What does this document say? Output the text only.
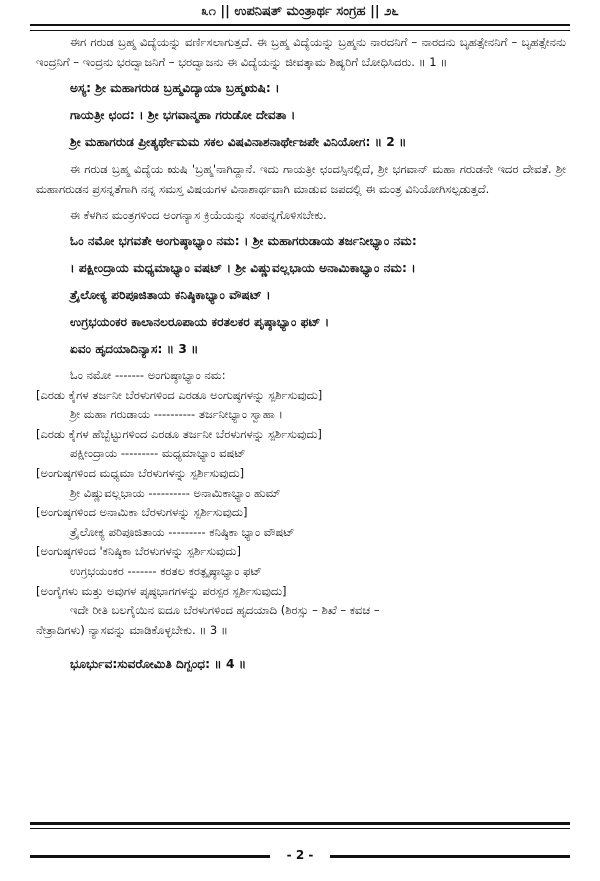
೩೧ || ಉಪನಿಷತ್ ಮಂತ್ರಾರ್ಥ ಸಂಗ್ರಹ || ೨೬

ಈಗ ಗರುಡ ಬ್ರಹ್ಮ ವಿದ್ಯೆಯನ್ನು ವರ್ಣಿಸಲಾಗುತ್ತದೆ. ಈ ಬ್ರಹ್ಮ ವಿದ್ಯೆಯನ್ನು ಬ್ರಹ್ಮನು ನಾರದನಿಗೆ – ನಾರದನು ಬೃಹತ್ಸೇನನಿಗೆ – ಬೃಹತ್ಸೇನನು ಇಂದ್ರನಿಗೆ – ಇಂದ್ರನು ಭರದ್ವಾಜನಿಗೆ – ಭರದ್ವಾಜನು ಈ ವಿದ್ಯೆಯನ್ನು ಜೀವತ್ಕಾಮ ಶಿಷ್ಯರಿಗೆ ಬೋಧಿಸಿದರು. ॥ 1 ॥

ಅಸ್ಯ: ಶ್ರೀ ಮಹಾಗರುಡ ಬ್ರಹ್ಮವಿದ್ಯಾಯಾ ಬ್ರಹ್ಮಋಷಿ: ।

ಗಾಯತ್ರೀ ಛಂದ: । ಶ್ರೀ ಭಗವಾನ್ಮಹಾ ಗರುಡೋ ದೇವತಾ ।

ಶ್ರೀ ಮಹಾಗರುಡ ಪ್ರೀತ್ಯರ್ಥೇಮಮ ಸಕಲ ವಿಷವಿನಾಶನಾರ್ಥೇಜಪೇ ವಿನಿಯೋಗ: ॥ 2 ॥

ಈ ಗರುಡ ಬ್ರಹ್ಮ ವಿದ್ಯೆಯ ಋಷಿ 'ಬ್ರಹ್ಮ'ನಾಗಿದ್ದಾನೆ. ಇದು ಗಾಯತ್ರೀ ಛಂದಸ್ಸಿನಲ್ಲಿದೆ, ಶ್ರೀ ಭಗವಾನ್ ಮಹಾ ಗರುಡನೇ ಇದರ ದೇವತೆ. ಶ್ರೀ ಮಹಾಗರುಡನ ಪ್ರಸನ್ನತೆಗಾಗಿ ನನ್ನ ಸಮಸ್ತ ವಿಷಯಗಳ ವಿನಾಶಾರ್ಥವಾಗಿ ಮಾಡುವ ಜಪದಲ್ಲಿ ಈ ಮಂತ್ರ ವಿನಿಯೋಗಿಸಲ್ಪಡುತ್ತದೆ.

ಈ ಕೆಳಗಿನ ಮಂತ್ರಗಳಿಂದ ಅಂಗನ್ಯಾಸ ಕ್ರಿಯೆಯನ್ನು ಸಂಪನ್ನಗೊಳಿಸಬೇಕು.

ಓಂ ನಮೋ ಭಗವತೇ ಅಂಗುಷ್ಠಾಭ್ಯಾಂ ನಮ: । ಶ್ರೀ ಮಹಾಗರುಡಾಯ ತರ್ಜನೀಭ್ಯಾಂ ನಮ:

। ಪಕ್ಷೀಂದ್ರಾಯ ಮಧ್ಯಮಾಭ್ಯಾಂ ವಷಟ್ । ಶ್ರೀ ವಿಷ್ಣುವಲ್ಲಭಾಯ ಅನಾಮಿಕಾಭ್ಯಾಂ ನಮ: ।

ತ್ರೈಲೋಕ್ಯ ಪರಿಪೂಜಿತಾಯ ಕನಿಷ್ಠಿಕಾಭ್ಯಾಂ ವೌಷಟ್ ।

ಉಗ್ರಭಯಂಕರ ಕಾಲಾನಲರೂಪಾಯ ಕರತಲಕರ ಪೃಷ್ಠಾಭ್ಯಾಂ ಫಟ್ ।

ಏವಂ ಹೃದಯಾದಿನ್ಯಾಸ: ॥ 3 ॥

ಓಂ ನಮೋ ------- ಅಂಗುಷ್ಠಾಭ್ಯಾಂ ನಮ:

[ಎರಡು ಕೈಗಳ ತರ್ಜನೀ ಬೆರಳುಗಳಿಂದ ಎರಡೂ ಅಂಗುಷ್ಠಗಳನ್ನು ಸ್ಪರ್ಶಿಸುವುದು]

ಶ್ರೀ ಮಹಾ ಗರುಡಾಯ ---------- ತರ್ಜನೀಭ್ಯಾಂ ಸ್ವಾಹಾ ।

[ಎರಡು ಕೈಗಳ ಹೆಬ್ಬೆಟ್ಟುಗಳಿಂದ ಎರಡೂ ತರ್ಜನೀ ಬೆರಳುಗಳನ್ನು ಸ್ಪರ್ಶಿಸುವುದು]

ಪಕ್ಷೀಂದ್ರಾಯ --------- ಮಧ್ಯಮಾಭ್ಯಾಂ ವಷಟ್

[ಅಂಗುಷ್ಠಗಳಿಂದ ಮಧ್ಯಮಾ ಬೆರಳುಗಳನ್ನು ಸ್ಪರ್ಶಿಸುವುದು]

ಶ್ರೀ ವಿಷ್ಣುವಲ್ಲಭಾಯ ---------- ಅನಾಮಿಕಾಭ್ಯಾಂ ಹುಮ್

[ಅಂಗುಷ್ಠಗಳಿಂದ ಅನಾಮಿಕಾ ಬೆರಳುಗಳನ್ನು ಸ್ಪರ್ಶಿಸುವುದು]

ತ್ರೈಲೋಕ್ಯ ಪರಿಪೂಜಿತಾಯ --------- ಕನಿಷ್ಠಿಕಾ ಭ್ಯಾಂ ವೌಷಟ್

[ಅಂಗುಷ್ಠಗಳಿಂದ 'ಕನಿಷ್ಠಿಕಾ ಬೆರಳುಗಳನ್ನು ಸ್ಪರ್ಶಿಸುವುದು]

ಉಗ್ರಭಯಂಕರ ------- ಕರತಲ ಕರತ್ಪೃಷ್ಠಾಭ್ಯಾಂ ಫಟ್

[ಅಂಗೈಗಳು ಮತ್ತು ಅವುಗಳ ಪೃಷ್ಠಭಾಗಗಳನ್ನು ಪರಸ್ಪರ ಸ್ಪರ್ಶಿಸುವುದು]

ಇದೇ ರೀತಿ ಬಲಗೈಯಿನ ಐದೂ ಬೆರಳುಗಳಿಂದ ಹೃದಯಾದಿ (ಶಿರಸ್ಸು – ಶಿಖೆ – ಕವಚ –

ನೇತ್ರಾದಿಗಳು) ನ್ಯಾಸವನ್ನು ಮಾಡಿಕೊಳ್ಳಬೇಕು. ॥ 3 ॥

ಭೂರ್ಭುವ:ಸುವರೋಮಿತಿ ದಿಗ್ಬಂಧ: ॥ 4 ॥

- 2 -
